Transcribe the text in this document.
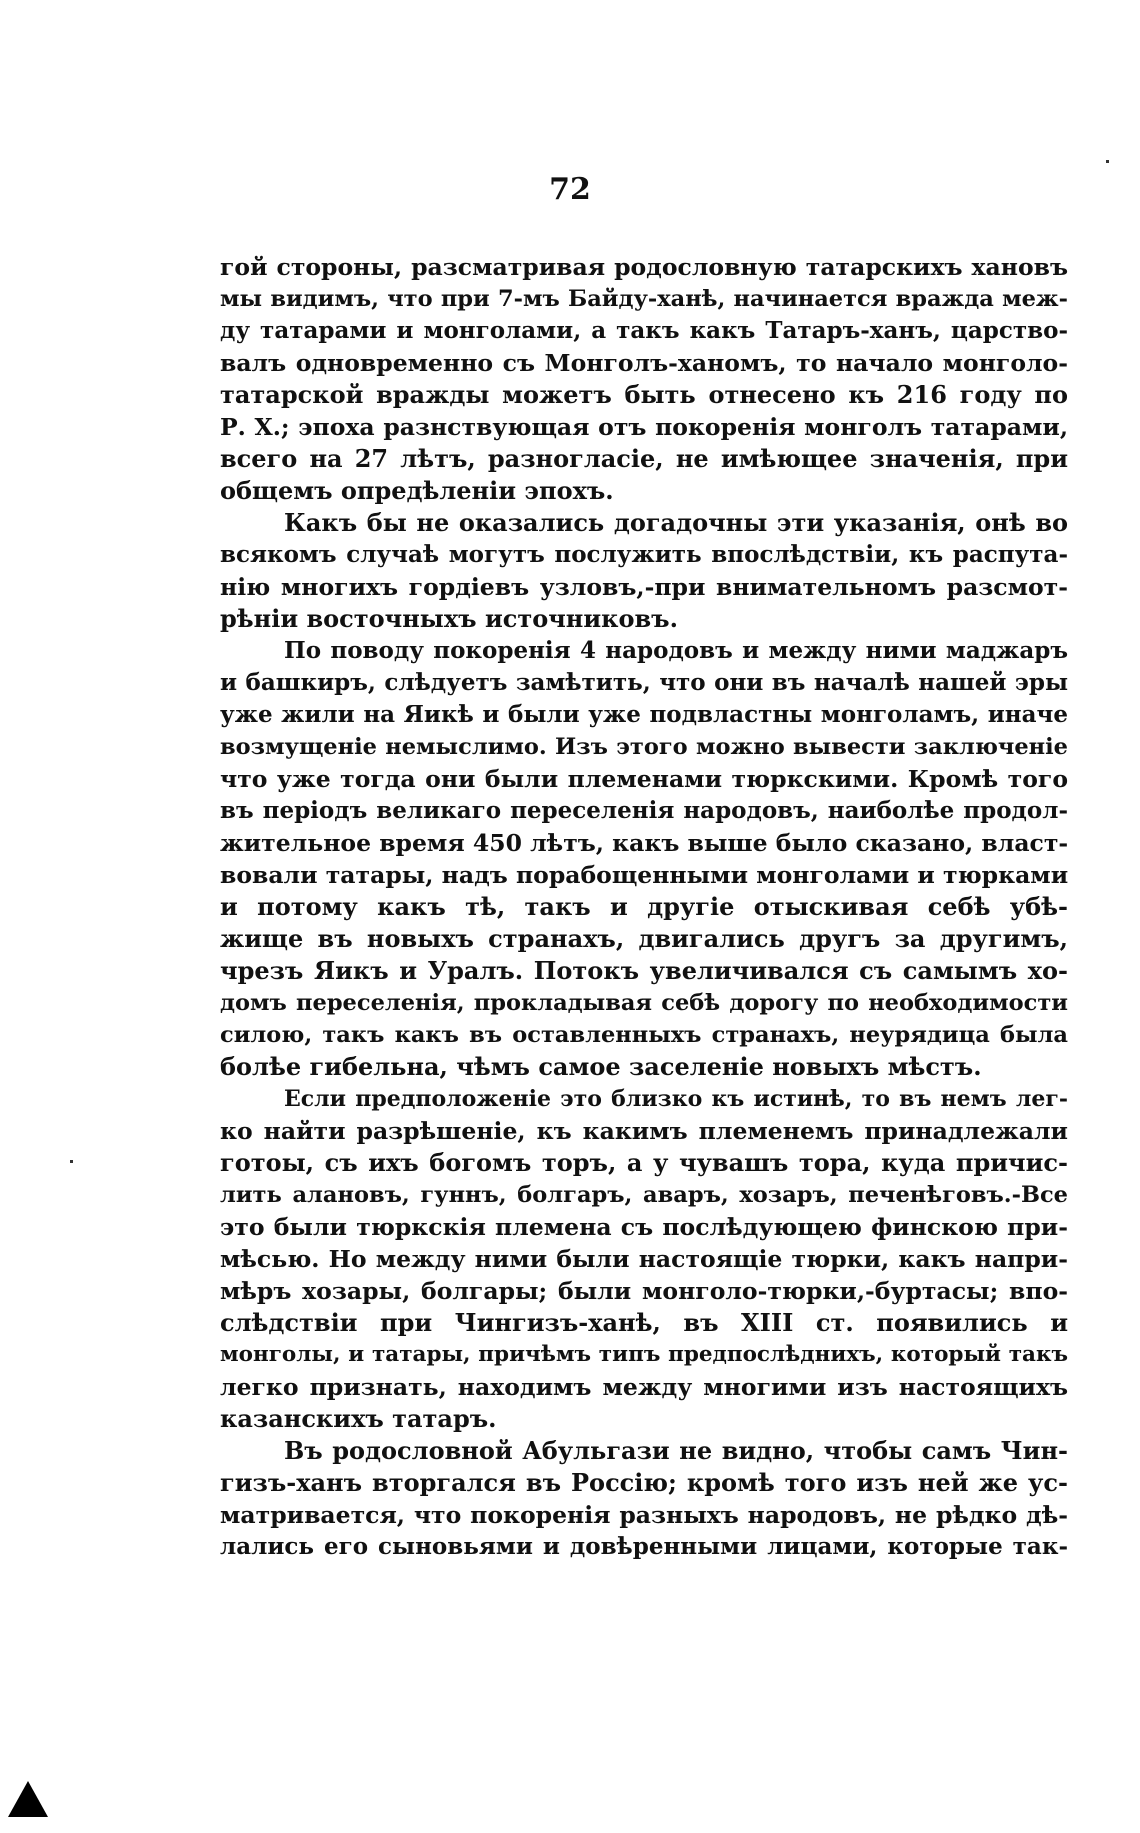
72
гой стороны, разсматривая родословную татарскихъ хановъ
мы видимъ, что при 7-мъ Байду-ханѣ, начинается вражда меж-
ду татарами и монголами, а такъ какъ Татаръ-ханъ, царство-
валъ одновременно съ Монголъ-ханомъ, то начало монголо-
татарской вражды можетъ быть отнесено къ 216 году по
Р. Х.; эпоха разнствующая отъ покоренія монголъ татарами,
всего на 27 лѣтъ, разногласіе, не имѣющее значенія, при
общемъ опредѣленіи эпохъ.
Какъ бы не оказались догадочны эти указанія, онѣ во
всякомъ случаѣ могутъ послужить впослѣдствіи, къ распута-
нію многихъ гордіевъ узловъ,-при внимательномъ разсмот-
рѣніи восточныхъ источниковъ.
По поводу покоренія 4 народовъ и между ними маджаръ
и башкиръ, слѣдуетъ замѣтить, что они въ началѣ нашей эры
уже жили на Яикѣ и были уже подвластны монголамъ, иначе
возмущеніе немыслимо. Изъ этого можно вывести заключеніе
что уже тогда они были племенами тюркскими. Кромѣ того
въ періодъ великаго переселенія народовъ, наиболѣе продол-
жительное время 450 лѣтъ, какъ выше было сказано, власт-
вовали татары, надъ порабощенными монголами и тюрками
и потому какъ тѣ, такъ и другіе отыскивая себѣ убѣ-
жище въ новыхъ странахъ, двигались другъ за другимъ,
чрезъ Яикъ и Уралъ. Потокъ увеличивался съ самымъ хо-
домъ переселенія, прокладывая себѣ дорогу по необходимости
силою, такъ какъ въ оставленныхъ странахъ, неурядица была
болѣе гибельна, чѣмъ самое заселеніе новыхъ мѣстъ.
Если предположеніе это близко къ истинѣ, то въ немъ лег-
ко найти разрѣшеніе, къ какимъ племенемъ принадлежали
готоы, съ ихъ богомъ торъ, а у чувашъ тора, куда причис-
лить алановъ, гуннъ, болгаръ, аваръ, хозаръ, печенѣговъ.-Все
это были тюркскія племена съ послѣдующею финскою при-
мѣсью. Но между ними были настоящіе тюрки, какъ напри-
мѣръ хозары, болгары; были монголо-тюрки,-буртасы; впо-
слѣдствіи при Чингизъ-ханѣ, въ XIII ст. появились и
монголы, и татары, причѣмъ типъ предпослѣднихъ, который такъ
легко признать, находимъ между многими изъ настоящихъ
казанскихъ татаръ.
Въ родословной Абульгази не видно, чтобы самъ Чин-
гизъ-ханъ вторгался въ Россію; кромѣ того изъ ней же ус-
матривается, что покоренія разныхъ народовъ, не рѣдко дѣ-
лались его сыновьями и довѣренными лицами, которые так-
